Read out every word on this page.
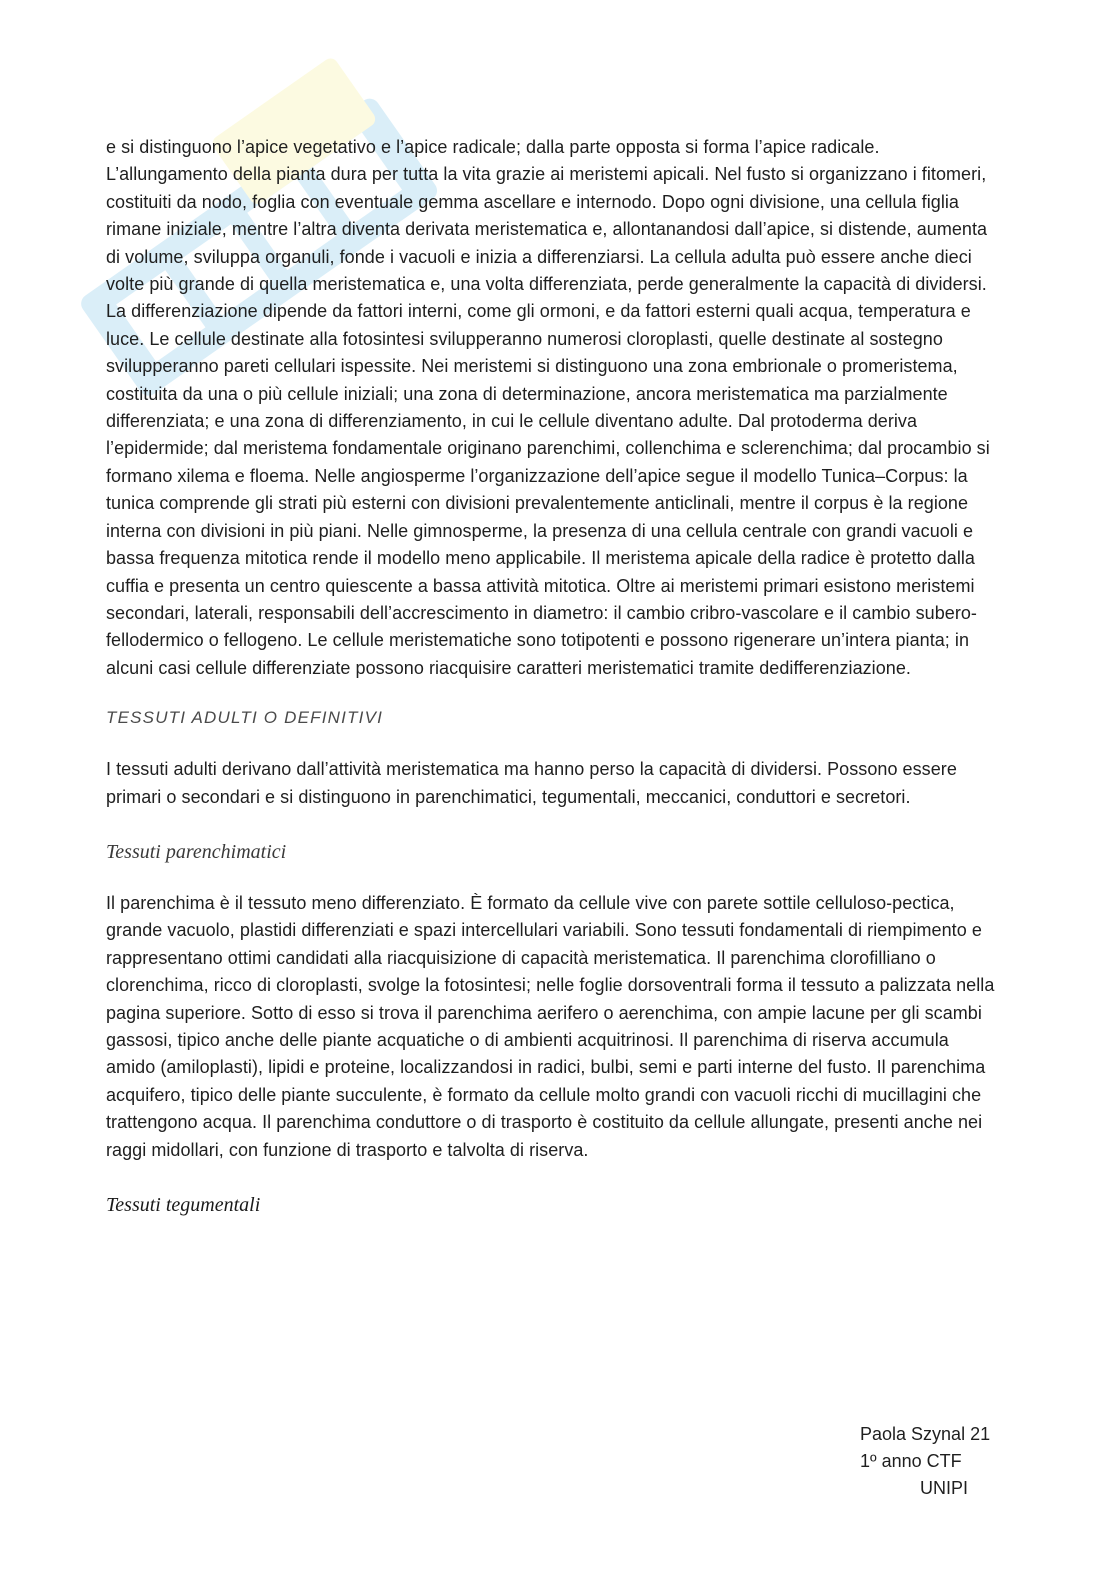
e si distinguono l’apice vegetativo e l’apice radicale; dalla parte opposta si forma l’apice radicale. L’allungamento della pianta dura per tutta la vita grazie ai meristemi apicali. Nel fusto si organizzano i fitomeri, costituiti da nodo, foglia con eventuale gemma ascellare e internodo. Dopo ogni divisione, una cellula figlia rimane iniziale, mentre l’altra diventa derivata meristematica e, allontanandosi dall’apice, si distende, aumenta di volume, sviluppa organuli, fonde i vacuoli e inizia a differenziarsi. La cellula adulta può essere anche dieci volte più grande di quella meristematica e, una volta differenziata, perde generalmente la capacità di dividersi. La differenziazione dipende da fattori interni, come gli ormoni, e da fattori esterni quali acqua, temperatura e luce. Le cellule destinate alla fotosintesi svilupperanno numerosi cloroplasti, quelle destinate al sostegno svilupperanno pareti cellulari ispessite. Nei meristemi si distinguono una zona embrionale o promeristema, costituita da una o più cellule iniziali; una zona di determinazione, ancora meristematica ma parzialmente differenziata; e una zona di differenziamento, in cui le cellule diventano adulte. Dal protoderma deriva l’epidermide; dal meristema fondamentale originano parenchimi, collenchima e sclerenchima; dal procambio si formano xilema e floema. Nelle angiosperme l’organizzazione dell’apice segue il modello Tunica–Corpus: la tunica comprende gli strati più esterni con divisioni prevalentemente anticlinali, mentre il corpus è la regione interna con divisioni in più piani. Nelle gimnosperme, la presenza di una cellula centrale con grandi vacuoli e bassa frequenza mitotica rende il modello meno applicabile. Il meristema apicale della radice è protetto dalla cuffia e presenta un centro quiescente a bassa attività mitotica. Oltre ai meristemi primari esistono meristemi secondari, laterali, responsabili dell’accrescimento in diametro: il cambio cribro-vascolare e il cambio subero-fellodermico o fellogeno. Le cellule meristematiche sono totipotenti e possono rigenerare un’intera pianta; in alcuni casi cellule differenziate possono riacquisire caratteri meristematici tramite dedifferenziazione.

TESSUTI ADULTI O DEFINITIVI

I tessuti adulti derivano dall’attività meristematica ma hanno perso la capacità di dividersi. Possono essere primari o secondari e si distinguono in parenchimatici, tegumentali, meccanici, conduttori e secretori.

Tessuti parenchimatici

Il parenchima è il tessuto meno differenziato. È formato da cellule vive con parete sottile celluloso-pectica, grande vacuolo, plastidi differenziati e spazi intercellulari variabili. Sono tessuti fondamentali di riempimento e rappresentano ottimi candidati alla riacquisizione di capacità meristematica. Il parenchima clorofilliano o clorenchima, ricco di cloroplasti, svolge la fotosintesi; nelle foglie dorsoventrali forma il tessuto a palizzata nella pagina superiore. Sotto di esso si trova il parenchima aerifero o aerenchima, con ampie lacune per gli scambi gassosi, tipico anche delle piante acquatiche o di ambienti acquitrinosi. Il parenchima di riserva accumula amido (amiloplasti), lipidi e proteine, localizzandosi in radici, bulbi, semi e parti interne del fusto. Il parenchima acquifero, tipico delle piante succulente, è formato da cellule molto grandi con vacuoli ricchi di mucillagini che trattengono acqua. Il parenchima conduttore o di trasporto è costituito da cellule allungate, presenti anche nei raggi midollari, con funzione di trasporto e talvolta di riserva.

Tessuti tegumentali
Paola Szynal 21
1º anno CTF
UNIPI
